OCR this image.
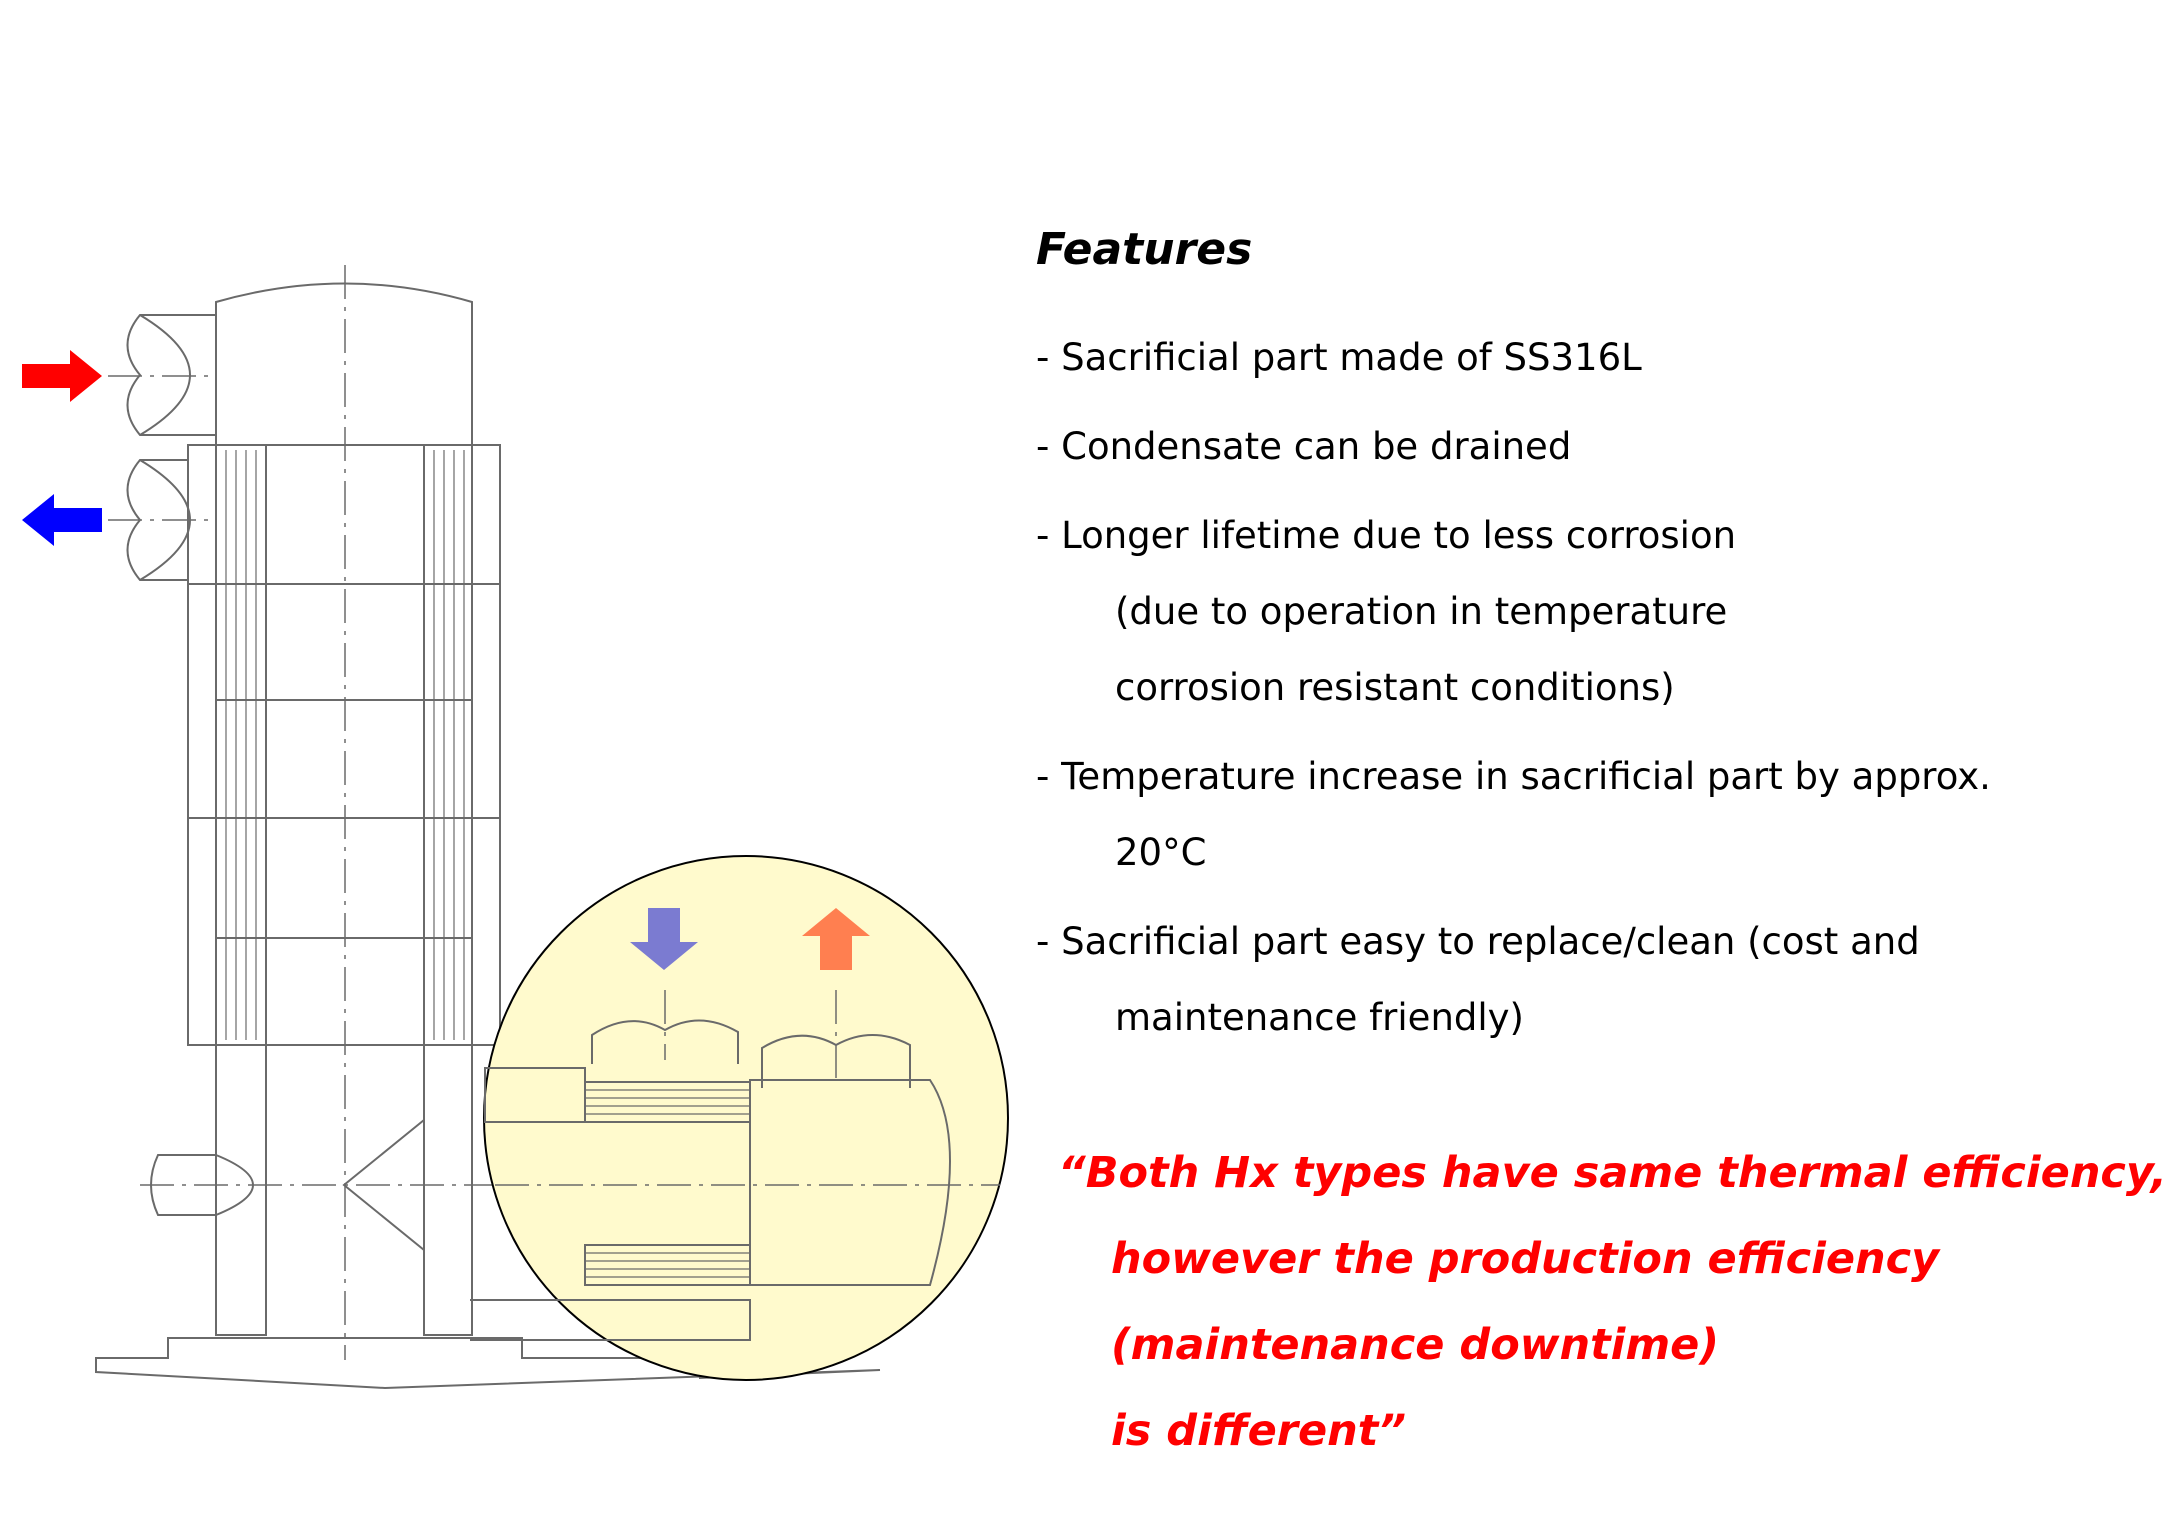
Features
- Sacrificial part made of SS316L
- Condensate can be drained
- Longer lifetime due to less corrosion
(due to operation in temperature
corrosion resistant conditions)
- Temperature increase in sacrificial part by approx.
20°C
- Sacrificial part easy to replace/clean (cost and
maintenance friendly)
“Both Hx types have same thermal efficiency,
however the production efficiency
(maintenance downtime)
is different”
